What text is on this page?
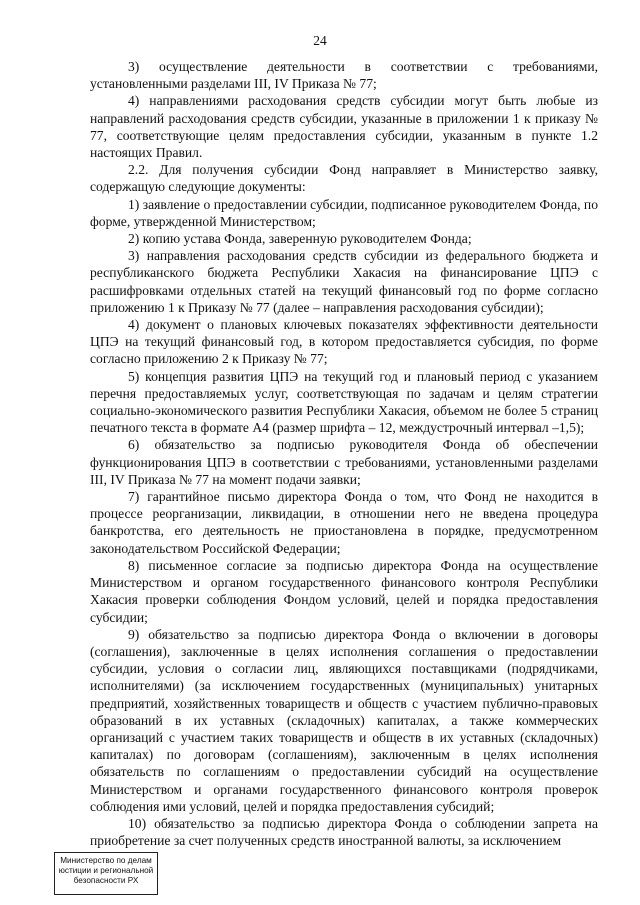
24

3) осуществление деятельности в соответствии с требованиями, установленными разделами III, IV Приказа № 77;

4) направлениями расходования средств субсидии могут быть любые из направлений расходования средств субсидии, указанные в приложении 1 к приказу № 77, соответствующие целям предоставления субсидии, указанным в пункте 1.2 настоящих Правил.

2.2. Для получения субсидии Фонд направляет в Министерство заявку, содержащую следующие документы:

1) заявление о предоставлении субсидии, подписанное руководителем Фонда, по форме, утвержденной Министерством;

2) копию устава Фонда, заверенную руководителем Фонда;

3) направления расходования средств субсидии из федерального бюджета и республиканского бюджета Республики Хакасия на финансирование ЦПЭ с расшифровками отдельных статей на текущий финансовый год по форме согласно приложению 1 к Приказу № 77 (далее – направления расходования субсидии);

4) документ о плановых ключевых показателях эффективности деятельности ЦПЭ на текущий финансовый год, в котором предоставляется субсидия, по форме согласно приложению 2 к Приказу № 77;

5) концепция развития ЦПЭ на текущий год и плановый период с указанием перечня предоставляемых услуг, соответствующая по задачам и целям стратегии социально-экономического развития Республики Хакасия, объемом не более 5 страниц печатного текста в формате А4 (размер шрифта – 12, междустрочный интервал –1,5);

6) обязательство за подписью руководителя Фонда об обеспечении функционирования ЦПЭ в соответствии с требованиями, установленными разделами III, IV Приказа № 77 на момент подачи заявки;

7) гарантийное письмо директора Фонда о том, что Фонд не находится в процессе реорганизации, ликвидации, в отношении него не введена процедура банкротства, его деятельность не приостановлена в порядке, предусмотренном законодательством Российской Федерации;

8) письменное согласие за подписью директора Фонда на осуществление Министерством и органом государственного финансового контроля Республики Хакасия проверки соблюдения Фондом условий, целей и порядка предоставления субсидии;

9) обязательство за подписью директора Фонда о включении в договоры (соглашения), заключенные в целях исполнения соглашения о предоставлении субсидии, условия о согласии лиц, являющихся поставщиками (подрядчиками, исполнителями) (за исключением государственных (муниципальных) унитарных предприятий, хозяйственных товариществ и обществ с участием публично-правовых образований в их уставных (складочных) капиталах, а также коммерческих организаций с участием таких товариществ и обществ в их уставных (складочных) капиталах) по договорам (соглашениям), заключенным в целях исполнения обязательств по соглашениям о предоставлении субсидий на осуществление Министерством и органами государственного финансового контроля проверок соблюдения ими условий, целей и порядка предоставления субсидий;

10) обязательство за подписью директора Фонда о соблюдении запрета на приобретение за счет полученных средств иностранной валюты, за исключением

Министерство по делам
юстиции и региональной
безопасности РХ
